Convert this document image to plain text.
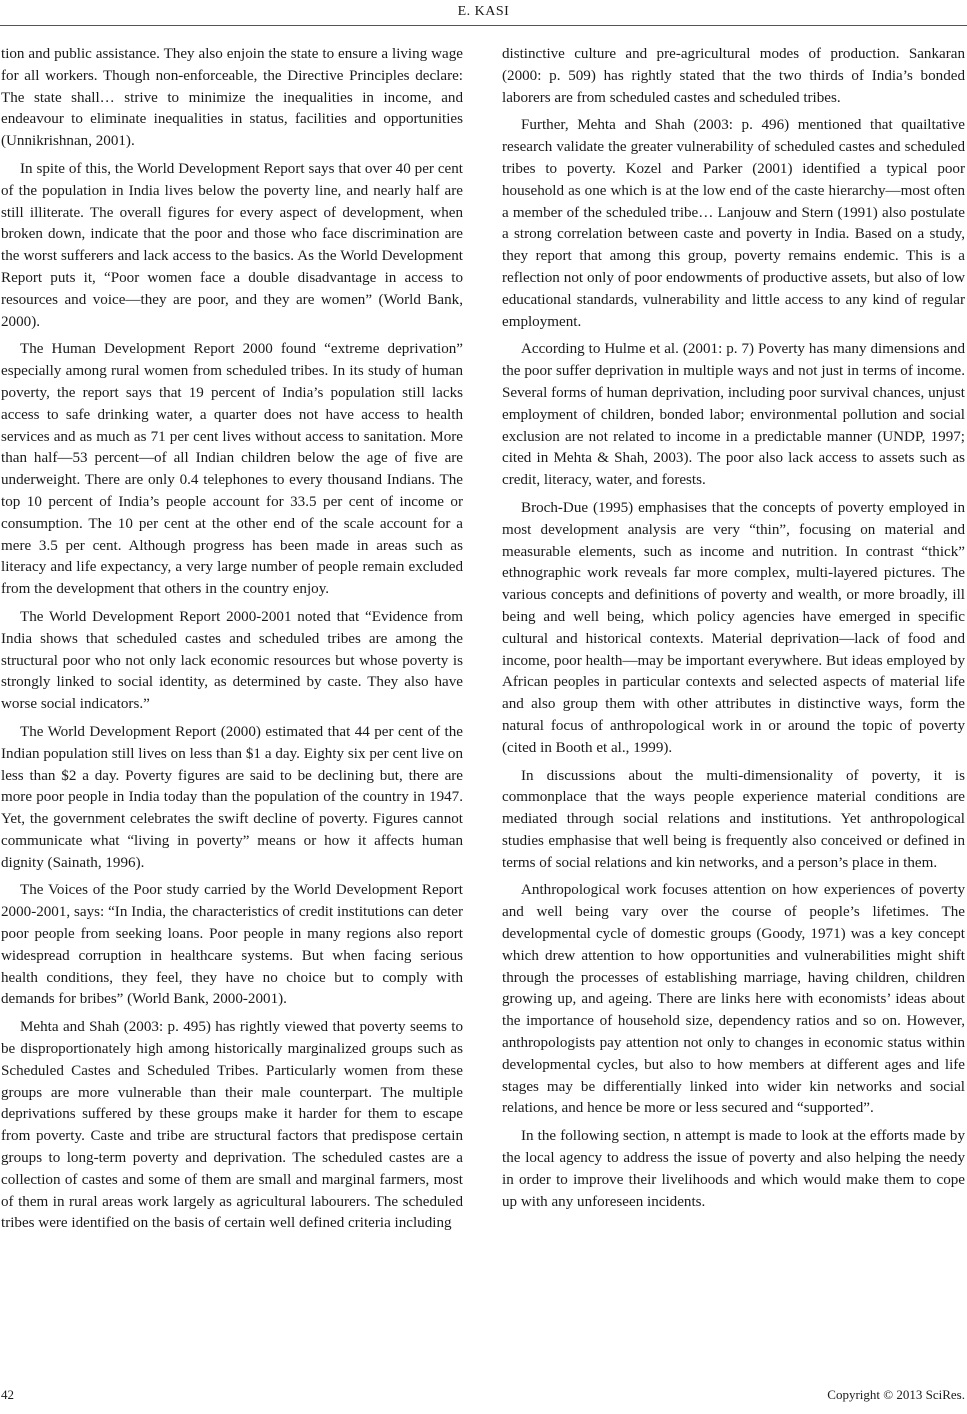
E. KASI

tion and public assistance. They also enjoin the state to ensure a living wage for all workers. Though non-enforceable, the Directive Principles declare: The state shall… strive to minimize the inequalities in income, and endeavour to eliminate inequalities in status, facilities and opportunities (Unnikrishnan, 2001).

In spite of this, the World Development Report says that over 40 per cent of the population in India lives below the poverty line, and nearly half are still illiterate. The overall figures for every aspect of development, when broken down, indicate that the poor and those who face discrimination are the worst sufferers and lack access to the basics. As the World Development Report puts it, “Poor women face a double disadvantage in access to resources and voice—they are poor, and they are women” (World Bank, 2000).

The Human Development Report 2000 found “extreme deprivation” especially among rural women from scheduled tribes. In its study of human poverty, the report says that 19 percent of India’s population still lacks access to safe drinking water, a quarter does not have access to health services and as much as 71 per cent lives without access to sanitation. More than half—53 percent—of all Indian children below the age of five are underweight. There are only 0.4 telephones to every thousand Indians. The top 10 percent of India’s people account for 33.5 per cent of income or consumption. The 10 per cent at the other end of the scale account for a mere 3.5 per cent. Although progress has been made in areas such as literacy and life expectancy, a very large number of people remain excluded from the development that others in the country enjoy.

The World Development Report 2000-2001 noted that “Evidence from India shows that scheduled castes and scheduled tribes are among the structural poor who not only lack economic resources but whose poverty is strongly linked to social identity, as determined by caste. They also have worse social indicators.”

The World Development Report (2000) estimated that 44 per cent of the Indian population still lives on less than $1 a day. Eighty six per cent live on less than $2 a day. Poverty figures are said to be declining but, there are more poor people in India today than the population of the country in 1947. Yet, the government celebrates the swift decline of poverty. Figures cannot communicate what “living in poverty” means or how it affects human dignity (Sainath, 1996).

The Voices of the Poor study carried by the World Development Report 2000-2001, says: “In India, the characteristics of credit institutions can deter poor people from seeking loans. Poor people in many regions also report widespread corruption in healthcare systems. But when facing serious health conditions, they feel, they have no choice but to comply with demands for bribes” (World Bank, 2000-2001).

Mehta and Shah (2003: p. 495) has rightly viewed that poverty seems to be disproportionately high among historically marginalized groups such as Scheduled Castes and Scheduled Tribes. Particularly women from these groups are more vulnerable than their male counterpart. The multiple deprivations suffered by these groups make it harder for them to escape from poverty. Caste and tribe are structural factors that predispose certain groups to long-term poverty and deprivation. The scheduled castes are a collection of castes and some of them are small and marginal farmers, most of them in rural areas work largely as agricultural labourers. The scheduled tribes were identified on the basis of certain well defined criteria including

distinctive culture and pre-agricultural modes of production. Sankaran (2000: p. 509) has rightly stated that the two thirds of India’s bonded laborers are from scheduled castes and scheduled tribes.

Further, Mehta and Shah (2003: p. 496) mentioned that quailtative research validate the greater vulnerability of scheduled castes and scheduled tribes to poverty. Kozel and Parker (2001) identified a typical poor household as one which is at the low end of the caste hierarchy—most often a member of the scheduled tribe… Lanjouw and Stern (1991) also postulate a strong correlation between caste and poverty in India. Based on a study, they report that among this group, poverty remains endemic. This is a reflection not only of poor endowments of productive assets, but also of low educational standards, vulnerability and little access to any kind of regular employment.

According to Hulme et al. (2001: p. 7) Poverty has many dimensions and the poor suffer deprivation in multiple ways and not just in terms of income. Several forms of human deprivation, including poor survival chances, unjust employment of children, bonded labor; environmental pollution and social exclusion are not related to income in a predictable manner (UNDP, 1997; cited in Mehta & Shah, 2003). The poor also lack access to assets such as credit, literacy, water, and forests.

Broch-Due (1995) emphasises that the concepts of poverty employed in most development analysis are very “thin”, focusing on material and measurable elements, such as income and nutrition. In contrast “thick” ethnographic work reveals far more complex, multi-layered pictures. The various concepts and definitions of poverty and wealth, or more broadly, ill being and well being, which policy agencies have emerged in specific cultural and historical contexts. Material deprivation—lack of food and income, poor health—may be important everywhere. But ideas employed by African peoples in particular contexts and selected aspects of material life and also group them with other attributes in distinctive ways, form the natural focus of anthropological work in or around the topic of poverty (cited in Booth et al., 1999).

In discussions about the multi-dimensionality of poverty, it is commonplace that the ways people experience material conditions are mediated through social relations and institutions. Yet anthropological studies emphasise that well being is frequently also conceived or defined in terms of social relations and kin networks, and a person’s place in them.

Anthropological work focuses attention on how experiences of poverty and well being vary over the course of people’s lifetimes. The developmental cycle of domestic groups (Goody, 1971) was a key concept which drew attention to how opportunities and vulnerabilities might shift through the processes of establishing marriage, having children, children growing up, and ageing. There are links here with economists’ ideas about the importance of household size, dependency ratios and so on. However, anthropologists pay attention not only to changes in economic status within developmental cycles, but also to how members at different ages and life stages may be differentially linked into wider kin networks and social relations, and hence be more or less secured and “supported”.

In the following section, n attempt is made to look at the efforts made by the local agency to address the issue of poverty and also helping the needy in order to improve their livelihoods and which would make them to cope up with any unforeseen incidents.

42	Copyright © 2013 SciRes.
